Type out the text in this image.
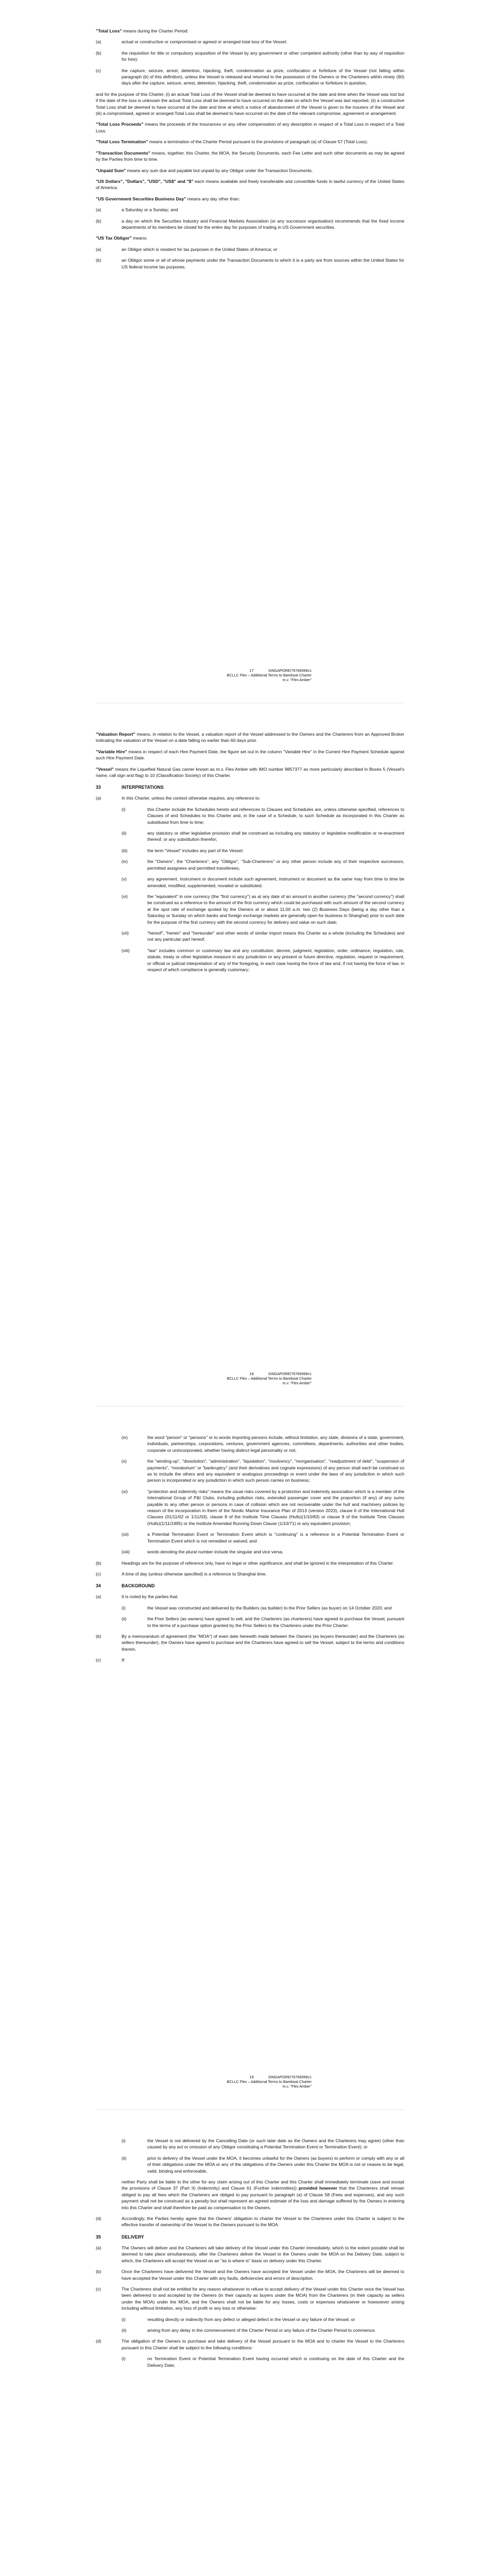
"Total Loss" means during the Charter Period:

(a)	actual or constructive or compromised or agreed or arranged total loss of the Vessel;
(b)	the requisition for title or compulsory acquisition of the Vessel by any government or other competent authority (other than by way of requisition for hire);
(c)	the capture, seizure, arrest, detention, hijacking, theft, condemnation as prize, confiscation or forfeiture of the Vessel (not falling within paragraph (b) of this definition), unless the Vessel is released and returned to the possession of the Owners or the Charterers within ninety (90) days after the capture, seizure, arrest, detention, hijacking, theft, condemnation as prize, confiscation or forfeiture in question,

and for the purpose of this Charter, (i) an actual Total Loss of the Vessel shall be deemed to have occurred at the date and time when the Vessel was lost but if the date of the loss is unknown the actual Total Loss shall be deemed to have occurred on the date on which the Vessel was last reported, (ii) a constructive Total Loss shall be deemed to have occurred at the date and time at which a notice of abandonment of the Vessel is given to the insurers of the Vessel and (iii) a compromised, agreed or arranged Total Loss shall be deemed to have occurred on the date of the relevant compromise, agreement or arrangement.

"Total Loss Proceeds" means the proceeds of the Insurances or any other compensation of any description in respect of a Total Loss in respect of a Total Loss.

"Total Loss Termination" means a termination of the Charter Period pursuant to the provisions of paragraph (a) of Clause 57 (Total Loss).

"Transaction Documents" means, together, this Charter, the MOA, the Security Documents, each Fee Letter and such other documents as may be agreed by the Parties from time to time.

"Unpaid Sum" means any sum due and payable but unpaid by any Obligor under the Transaction Documents.

"US Dollars", "Dollars", "USD", "US$" and "$" each means available and freely transferable and convertible funds in lawful currency of the United States of America.

"US Government Securities Business Day" means any day other than:

(a)	a Saturday or a Sunday; and
(b)	a day on which the Securities Industry and Financial Markets Association (or any successor organisation) recommends that the fixed income departments of its members be closed for the entire day for purposes of trading in US Government securities.

"US Tax Obligor" means:

(a)	an Obligor which is resident for tax purposes in the United States of America; or
(b)	an Obligor some or all of whose payments under the Transaction Documents to which it is a party are from sources within the United States for US federal income tax purposes.
17	SINGAPORE/76766999v1
BCLLC Flex – Additional Terms to Bareboat Charter
m.v. "Flex Amber"

"Valuation Report" means, in relation to the Vessel, a valuation report of the Vessel addressed to the Owners and the Charterers from an Approved Broker indicating the valuation of the Vessel on a date falling no earlier than 60 days prior.

"Variable Hire" means in respect of each Hire Payment Date, the figure set out in the column "Variable Hire" in the Current Hire Payment Schedule against such Hire Payment Date.

"Vessel" means the Liquefied Natural Gas carrier known as m.v. Flex Amber with IMO number 9857377 as more particularly described in Boxes 5 (Vessel's name, call sign and flag) to 10 (Classification Society) of this Charter.

33	INTERPRETATIONS
(a)	In this Charter, unless the context otherwise requires, any reference to:
(i)	this Charter include the Schedules hereto and references to Clauses and Schedules are, unless otherwise specified, references to Clauses of and Schedules to this Charter and, in the case of a Schedule, to such Schedule as incorporated in this Charter as substituted from time to time;
(ii)	any statutory or other legislative provision shall be construed as including any statutory or legislative modification or re-enactment thereof, or any substitution therefor;
(iii)	the term "Vessel" includes any part of the Vessel;
(iv)	the "Owners", the "Charterers", any "Obligor", "Sub-Charterers" or any other person include any of their respective successors, permitted assignees and permitted transferees;
(v)	any agreement, instrument or document include such agreement, instrument or document as the same may from time to time be amended, modified, supplemented, novated or substituted;
(vi)	the "equivalent" in one currency (the "first currency") as at any date of an amount in another currency (the "second currency") shall be construed as a reference to the amount of the first currency which could be purchased with such amount of the second currency at the spot rate of exchange quoted by the Owners at or about 11:00 a.m. two (2) Business Days (being a day other than a Saturday or Sunday on which banks and foreign exchange markets are generally open for business in Shanghai) prior to such date for the purpose of the first currency with the second currency for delivery and value on such date;
(vii)	"hereof", "herein" and "hereunder" and other words of similar import means this Charter as a whole (including the Schedules) and not any particular part hereof;
(viii)	"law" includes common or customary law and any constitution, decree, judgment, legislation, order, ordinance, regulation, rule, statute, treaty or other legislative measure in any jurisdiction or any present or future directive, regulation, request or requirement, or official or judicial interpretation of any of the foregoing, in each case having the force of law and, if not having the force of law, in respect of which compliance is generally customary;
18	SINGAPORE/76766999v1
BCLLC Flex – Additional Terms to Bareboat Charter
m.v. "Flex Amber"
(ix)	the word "person" or "persons" or to words importing persons include, without limitation, any state, divisions of a state, government, individuals, partnerships, corporations, ventures, government agencies, committees, departments, authorities and other bodies, corporate or unincorporated, whether having distinct legal personality or not;
(x)	the "winding-up", "dissolution", "administration", "liquidation", "insolvency", "reorganisation", "readjustment of debt", "suspension of payments", "moratorium" or "bankruptcy" (and their derivatives and cognate expressions) of any person shall each be construed so as to include the others and any equivalent or analogous proceedings or event under the laws of any jurisdiction in which such person is incorporated or any jurisdiction in which such person carries on business;
(xi)	"protection and indemnity risks" means the usual risks covered by a protection and indemnity association which is a member of the International Group of P&I Clubs, including pollution risks, extended passenger cover and the proportion (if any) of any sums payable to any other person or persons in case of collision which are not recoverable under the hull and machinery policies by reason of the incorporation in them of the Nordic Marine Insurance Plan of 2013 (version 2023), clause 6 of the International Hull Clauses (01/11/02 or 1/11/03), clause 8 of the Institute Time Clauses (Hulls)(1/10/83) or clause 8 of the Institute Time Clauses (Hulls)(1/11/1995) or the Institute Amended Running Down Clause (1/10/71) or any equivalent provision;
(xii)	a Potential Termination Event or Termination Event which is "continuing" is a reference to a Potential Termination Event or Termination Event which is not remedied or waived; and
(xiii)	words denoting the plural number include the singular and vice versa.
(b)	Headings are for the purpose of reference only, have no legal or other significance, and shall be ignored in the interpretation of this Charter.
(c)	A time of day (unless otherwise specified) is a reference to Shanghai time.
34	BACKGROUND
(a)	It is noted by the parties that:
(i)	the Vessel was constructed and delivered by the Builders (as builder) to the Prior Sellers (as buyer) on 14 October 2020; and
(ii)	the Prior Sellers (as owners) have agreed to sell, and the Charterers (as charterers) have agreed to purchase the Vessel, pursuant to the terms of a purchase option granted by the Prior Sellers to the Charterers under the Prior Charter.
(b)	By a memorandum of agreement (the "MOA") of even date herewith made between the Owners (as buyers thereunder) and the Charterers (as sellers thereunder), the Owners have agreed to purchase and the Charterers have agreed to sell the Vessel, subject to the terms and conditions therein.
(c)	If:
19	SINGAPORE/76766999v1
BCLLC Flex – Additional Terms to Bareboat Charter
m.v. "Flex Amber"
(i)	the Vessel is not delivered by the Cancelling Date (or such later date as the Owners and the Charterers may agree) (other than caused by any act or omission of any Obligor constituting a Potential Termination Event or Termination Event); or
(ii)	prior to delivery of the Vessel under the MOA, it becomes unlawful for the Owners (as buyers) to perform or comply with any or all of their obligations under the MOA or any of the obligations of the Owners under this Charter the MOA is not or ceases to be legal, valid, binding and enforceable,

neither Party shall be liable to the other for any claim arising out of this Charter and this Charter shall immediately terminate (save and except the provisions of Clause 37 (Part II) (Indemnity) and Clause 61 (Further indemnities)) provided however that the Charterers shall remain obliged to pay all fees which the Charterers are obliged to pay pursuant to paragraph (a) of Clause 58 (Fees and expenses), and any such payment shall not be construed as a penalty but shall represent an agreed estimate of the loss and damage suffered by the Owners in entering into this Charter and shall therefore be paid as compensation to the Owners.

(d)	Accordingly, the Parties hereby agree that the Owners' obligation to charter the Vessel to the Charterers under this Charter is subject to the effective transfer of ownership of the Vessel to the Owners pursuant to the MOA.
35	DELIVERY
(a)	The Owners will deliver and the Charterers will take delivery of the Vessel under this Charter immediately, which to the extent possible shall be deemed to take place simultaneously, after the Charterers deliver the Vessel to the Owners under the MOA on the Delivery Date, subject to which, the Charterers will accept the Vessel on an "as is where is" basis on delivery under this Charter.
(b)	Once the Charterers have delivered the Vessel and the Owners have accepted the Vessel under the MOA, the Charterers will be deemed to have accepted the Vessel under this Charter with any faults, deficiencies and errors of description.
(c)	The Charterers shall not be entitled for any reason whatsoever to refuse to accept delivery of the Vessel under this Charter once the Vessel has been delivered to and accepted by the Owners (in their capacity as buyers under the MOA) from the Charterers (in their capacity as sellers under the MOA) under the MOA, and the Owners shall not be liable for any losses, costs or expenses whatsoever or howsoever arising including without limitation, any loss of profit or any loss or otherwise:
(i)	resulting directly or indirectly from any defect or alleged defect in the Vessel or any failure of the Vessel; or
(ii)	arising from any delay in the commencement of the Charter Period or any failure of the Charter Period to commence.
(d)	The obligation of the Owners to purchase and take delivery of the Vessel pursuant to the MOA and to charter the Vessel to the Charterers pursuant to this Charter shall be subject to the following conditions:
(i)	no Termination Event or Potential Termination Event having occurred which is continuing on the date of this Charter and the Delivery Date;
